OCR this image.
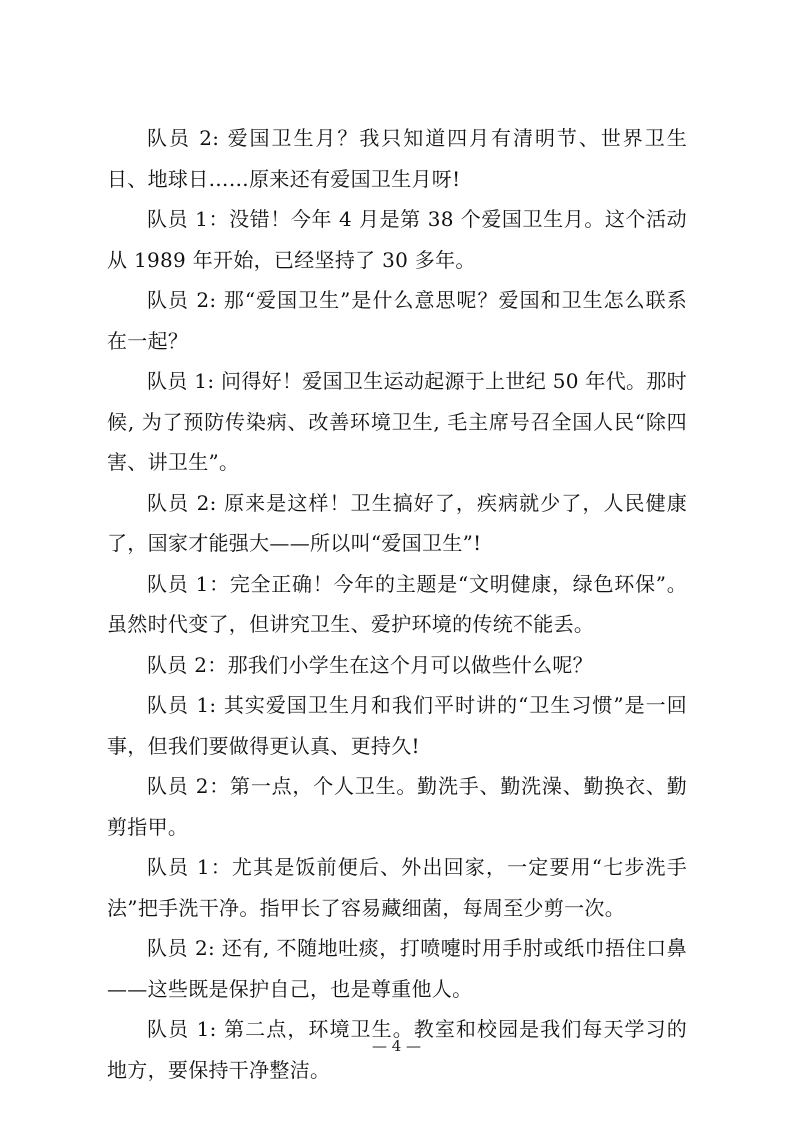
队员 2: 爱国卫生月？我只知道四月有清明节、世界卫生日、地球日……原来还有爱国卫生月呀!

队员 1：没错！今年 4 月是第 38 个爱国卫生月。这个活动从 1989 年开始，已经坚持了 30 多年。

队员 2: 那“爱国卫生”是什么意思呢？爱国和卫生怎么联系在一起？

队员 1: 问得好！爱国卫生运动起源于上世纪 50 年代。那时候, 为了预防传染病、改善环境卫生, 毛主席号召全国人民“除四害、讲卫生”。

队员 2: 原来是这样！卫生搞好了，疾病就少了，人民健康了，国家才能强大——所以叫“爱国卫生”!

队员 1：完全正确！今年的主题是“文明健康，绿色环保”。虽然时代变了，但讲究卫生、爱护环境的传统不能丢。

队员 2：那我们小学生在这个月可以做些什么呢？

队员 1: 其实爱国卫生月和我们平时讲的“卫生习惯”是一回事，但我们要做得更认真、更持久!

队员 2：第一点，个人卫生。勤洗手、勤洗澡、勤换衣、勤剪指甲。

队员 1：尤其是饭前便后、外出回家，一定要用“七步洗手法”把手洗干净。指甲长了容易藏细菌，每周至少剪一次。

队员 2: 还有, 不随地吐痰，打喷嚏时用手肘或纸巾捂住口鼻——这些既是保护自己，也是尊重他人。

队员 1: 第二点，环境卫生。教室和校园是我们每天学习的地方，要保持干净整洁。

— 4 —
